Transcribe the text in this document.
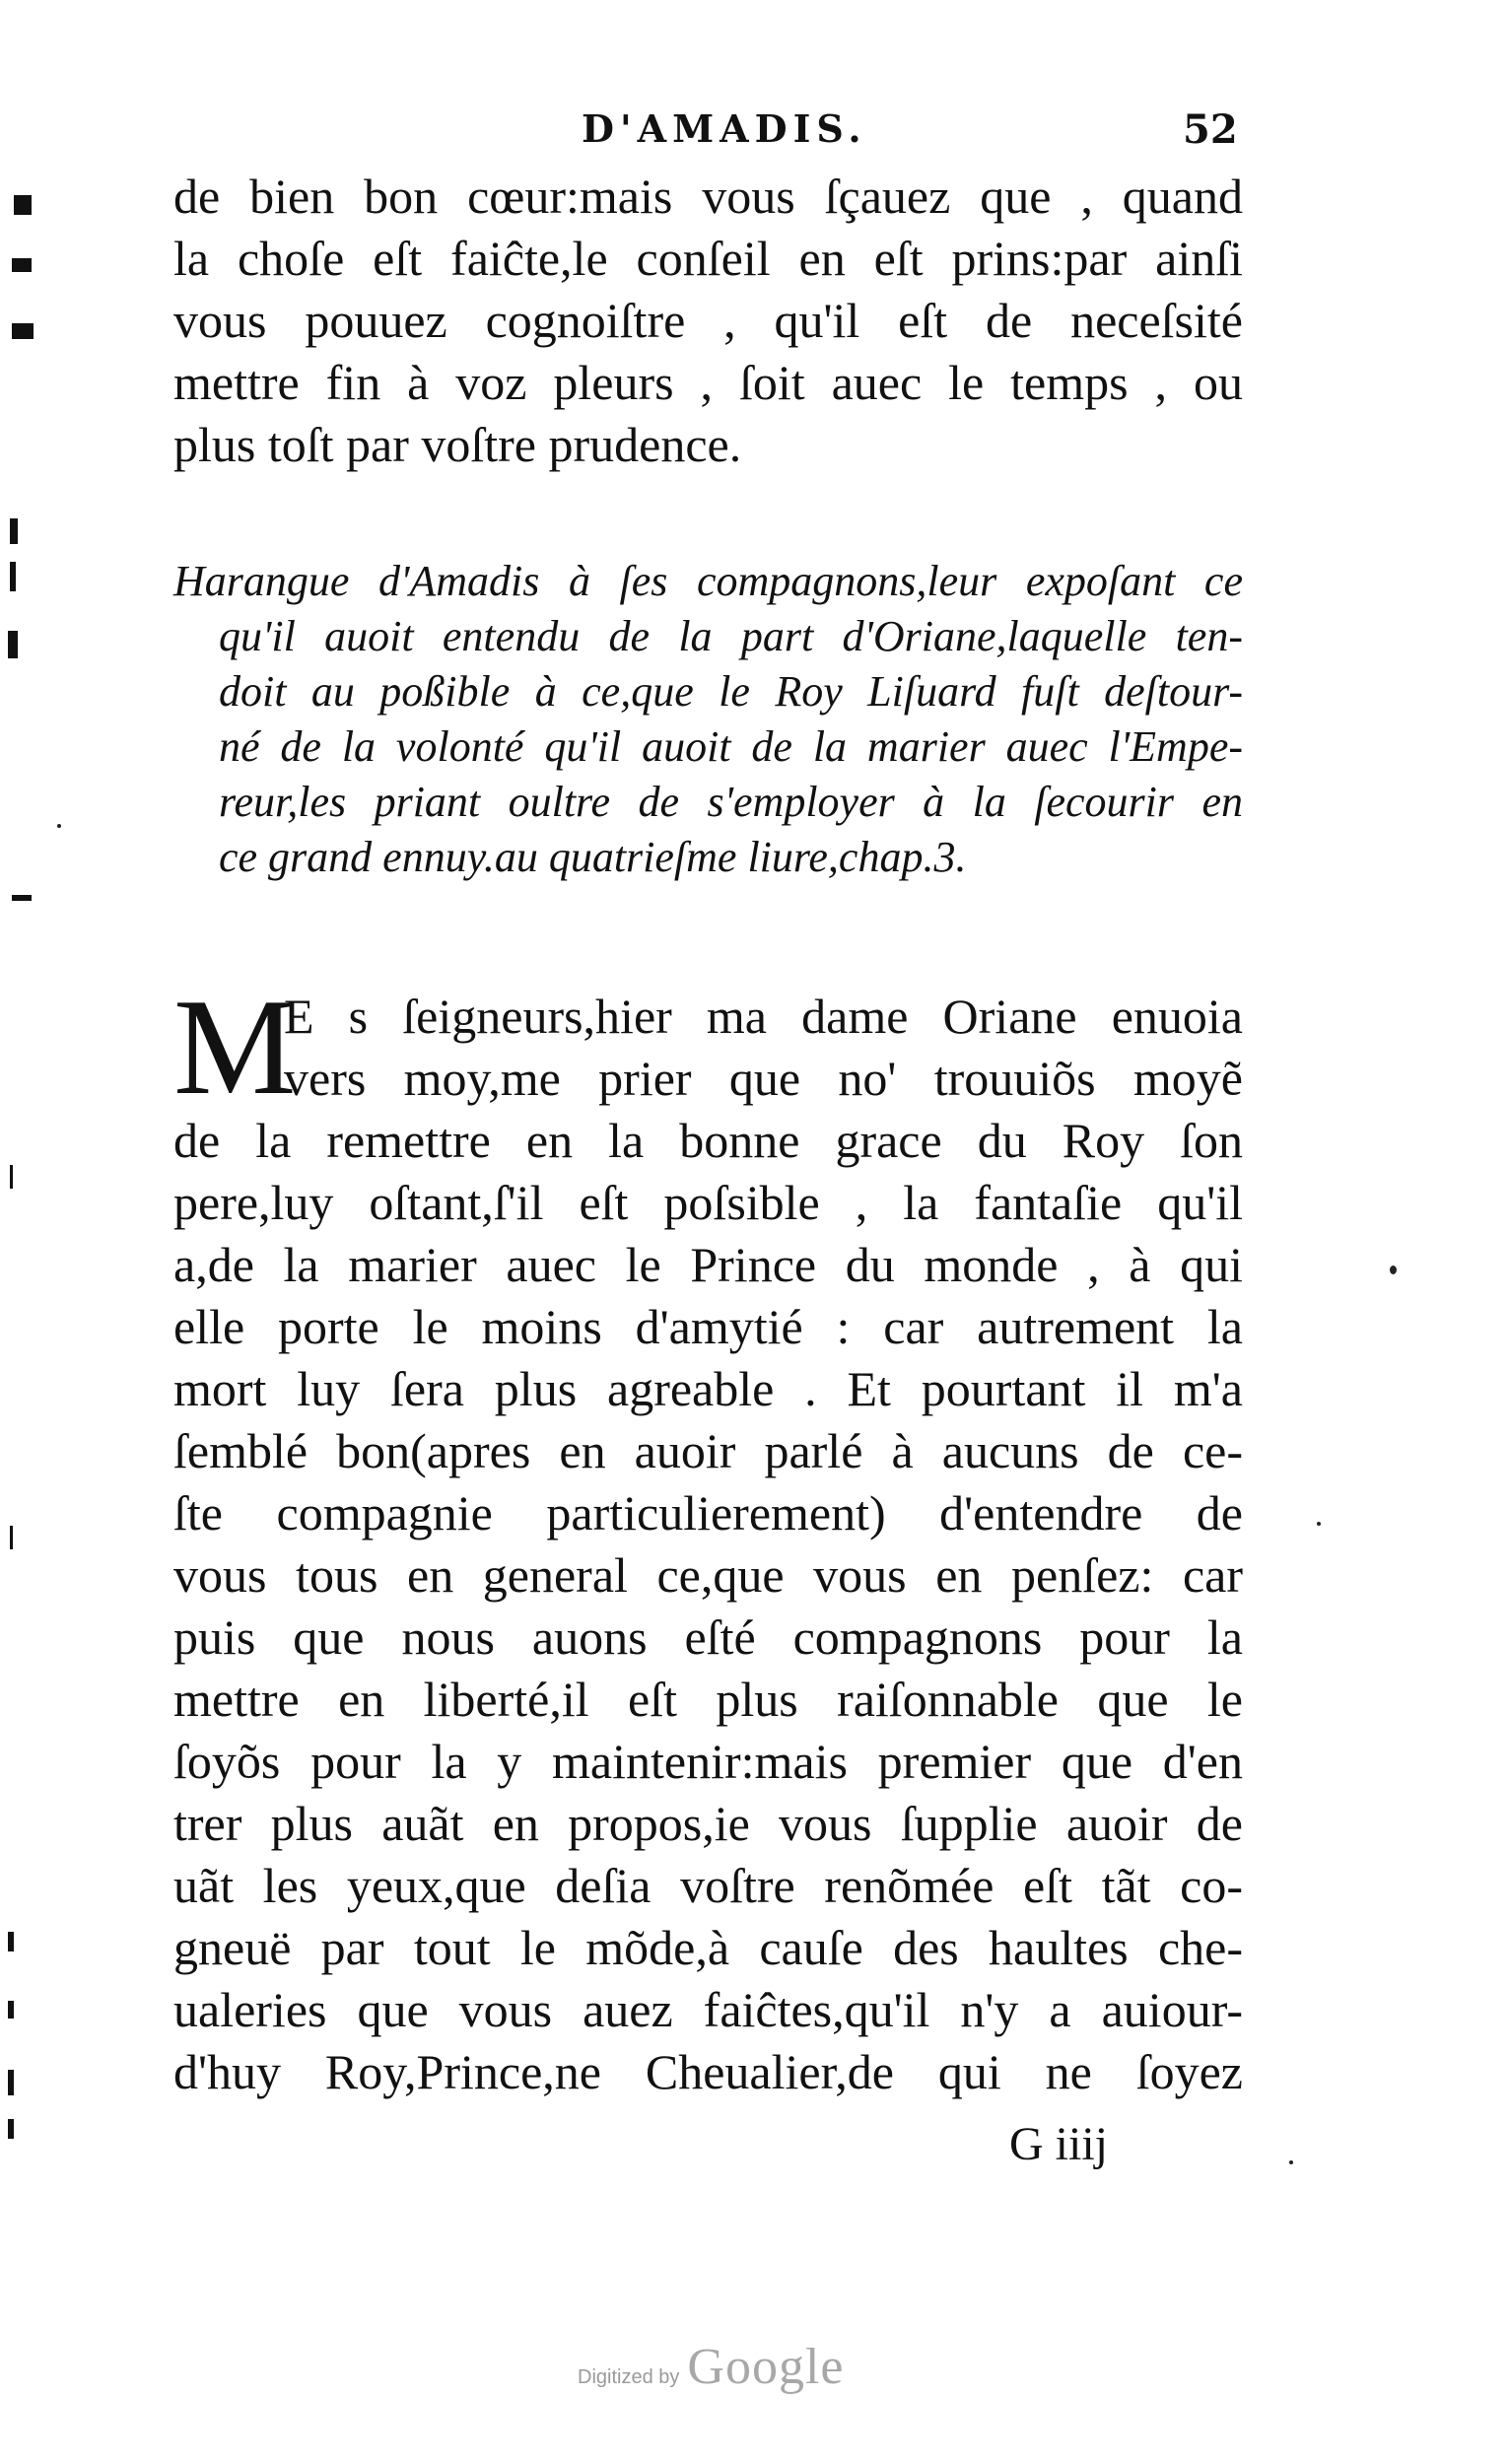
D'AMADIS.	52
de bien bon cœur:mais vous ſçauez que , quand
la choſe eſt faiĉte,le conſeil en eſt prins:par ainſi
vous pouuez cognoiſtre , qu'il eſt de neceſsité
mettre fin à voz pleurs , ſoit auec le temps , ou
plus toſt par voſtre prudence.
Harangue d'Amadis à ſes compagnons,leur expoſant ce
qu'il auoit entendu de la part d'Oriane,laquelle ten-
doit au poßible à ce,que le Roy Liſuard fuſt deſtour-
né de la volonté qu'il auoit de la marier auec l'Empe-
reur,les priant oultre de s'employer à la ſecourir en
ce grand ennuy.au quatrieſme liure,chap.3.
M
E s ſeigneurs,hier ma dame Oriane enuoia
vers moy,me prier que no' trouuiõs moyẽ
de la remettre en la bonne grace du Roy ſon
pere,luy oſtant,ſ'il eſt poſsible , la fantaſie qu'il
a,de la marier auec le Prince du monde , à qui
elle porte le moins d'amytié : car autrement la
mort luy ſera plus agreable . Et pourtant il m'a
ſemblé bon(apres en auoir parlé à aucuns de ce-
ſte compagnie particulierement) d'entendre de
vous tous en general ce,que vous en penſez: car
puis que nous auons eſté compagnons pour la
mettre en liberté,il eſt plus raiſonnable que le
ſoyõs pour la y maintenir:mais premier que d'en
trer plus auãt en propos,ie vous ſupplie auoir de
uãt les yeux,que deſia voſtre renõmée eſt tãt co-
gneuë par tout le mõde,à cauſe des haultes che-
ualeries que vous auez faiĉtes,qu'il n'y a auiour-
d'huy Roy,Prince,ne Cheualier,de qui ne ſoyez
G iiij
Digitized by Google
